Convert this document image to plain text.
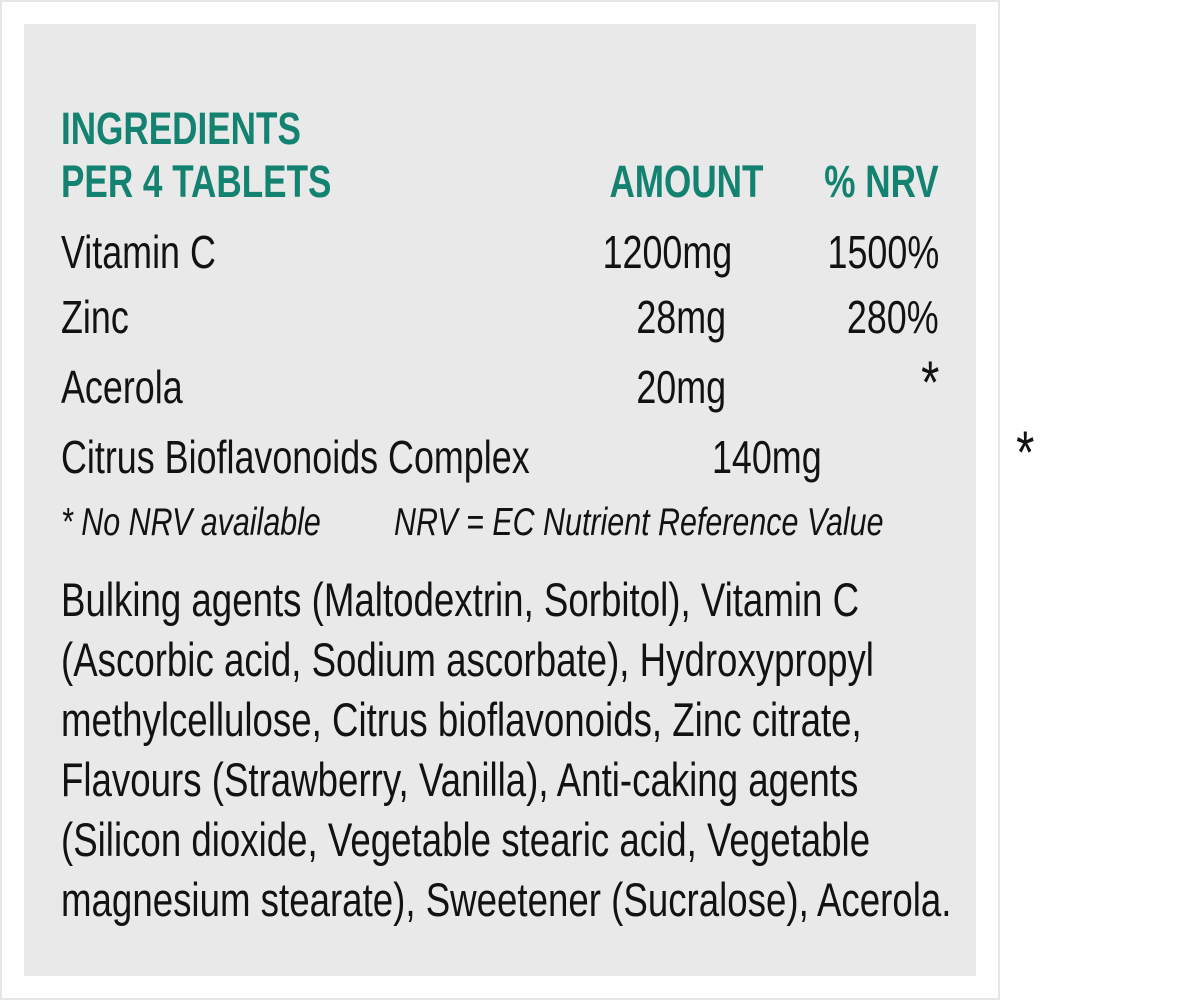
INGREDIENTS
PER 4 TABLETS	AMOUNT	% NRV
Vitamin C	1200mg	1500%
Zinc	28mg	280%
Acerola	20mg	*
Citrus Bioflavonoids Complex	140mg	*
* No NRV available NRV = EC Nutrient Reference Value
Bulking agents (Maltodextrin, Sorbitol), Vitamin C
(Ascorbic acid, Sodium ascorbate), Hydroxypropyl
methylcellulose, Citrus bioflavonoids, Zinc citrate,
Flavours (Strawberry, Vanilla), Anti-caking agents
(Silicon dioxide, Vegetable stearic acid, Vegetable
magnesium stearate), Sweetener (Sucralose), Acerola.
